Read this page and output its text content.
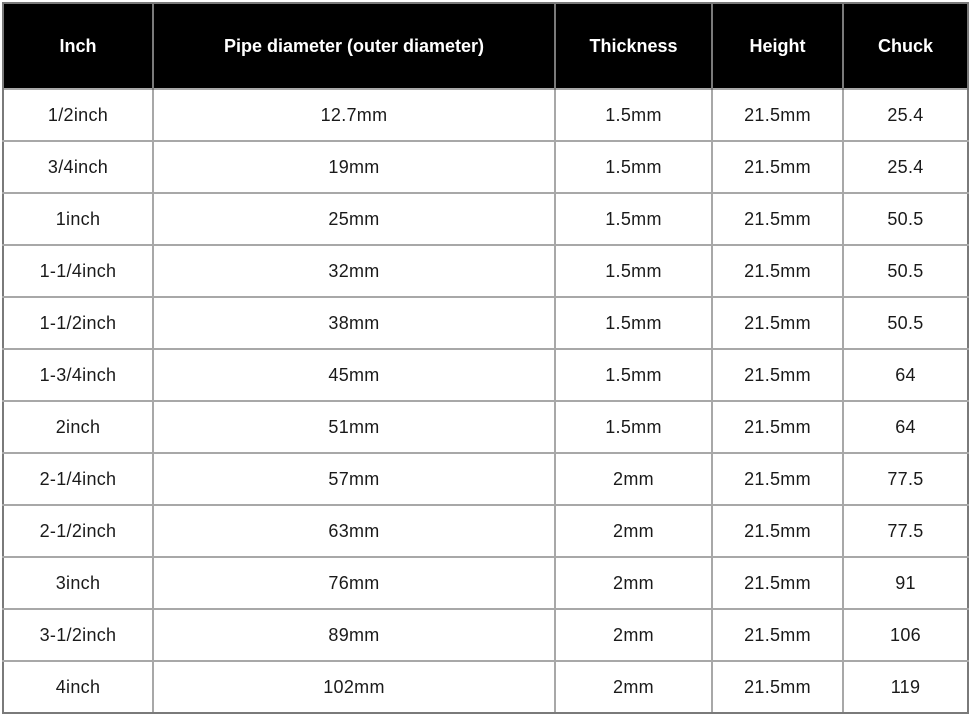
Inch	Pipe diameter (outer diameter)	Thickness	Height	Chuck
1/2inch	12.7mm	1.5mm	21.5mm	25.4
3/4inch	19mm	1.5mm	21.5mm	25.4
1inch	25mm	1.5mm	21.5mm	50.5
1-1/4inch	32mm	1.5mm	21.5mm	50.5
1-1/2inch	38mm	1.5mm	21.5mm	50.5
1-3/4inch	45mm	1.5mm	21.5mm	64
2inch	51mm	1.5mm	21.5mm	64
2-1/4inch	57mm	2mm	21.5mm	77.5
2-1/2inch	63mm	2mm	21.5mm	77.5
3inch	76mm	2mm	21.5mm	91
3-1/2inch	89mm	2mm	21.5mm	106
4inch	102mm	2mm	21.5mm	119
